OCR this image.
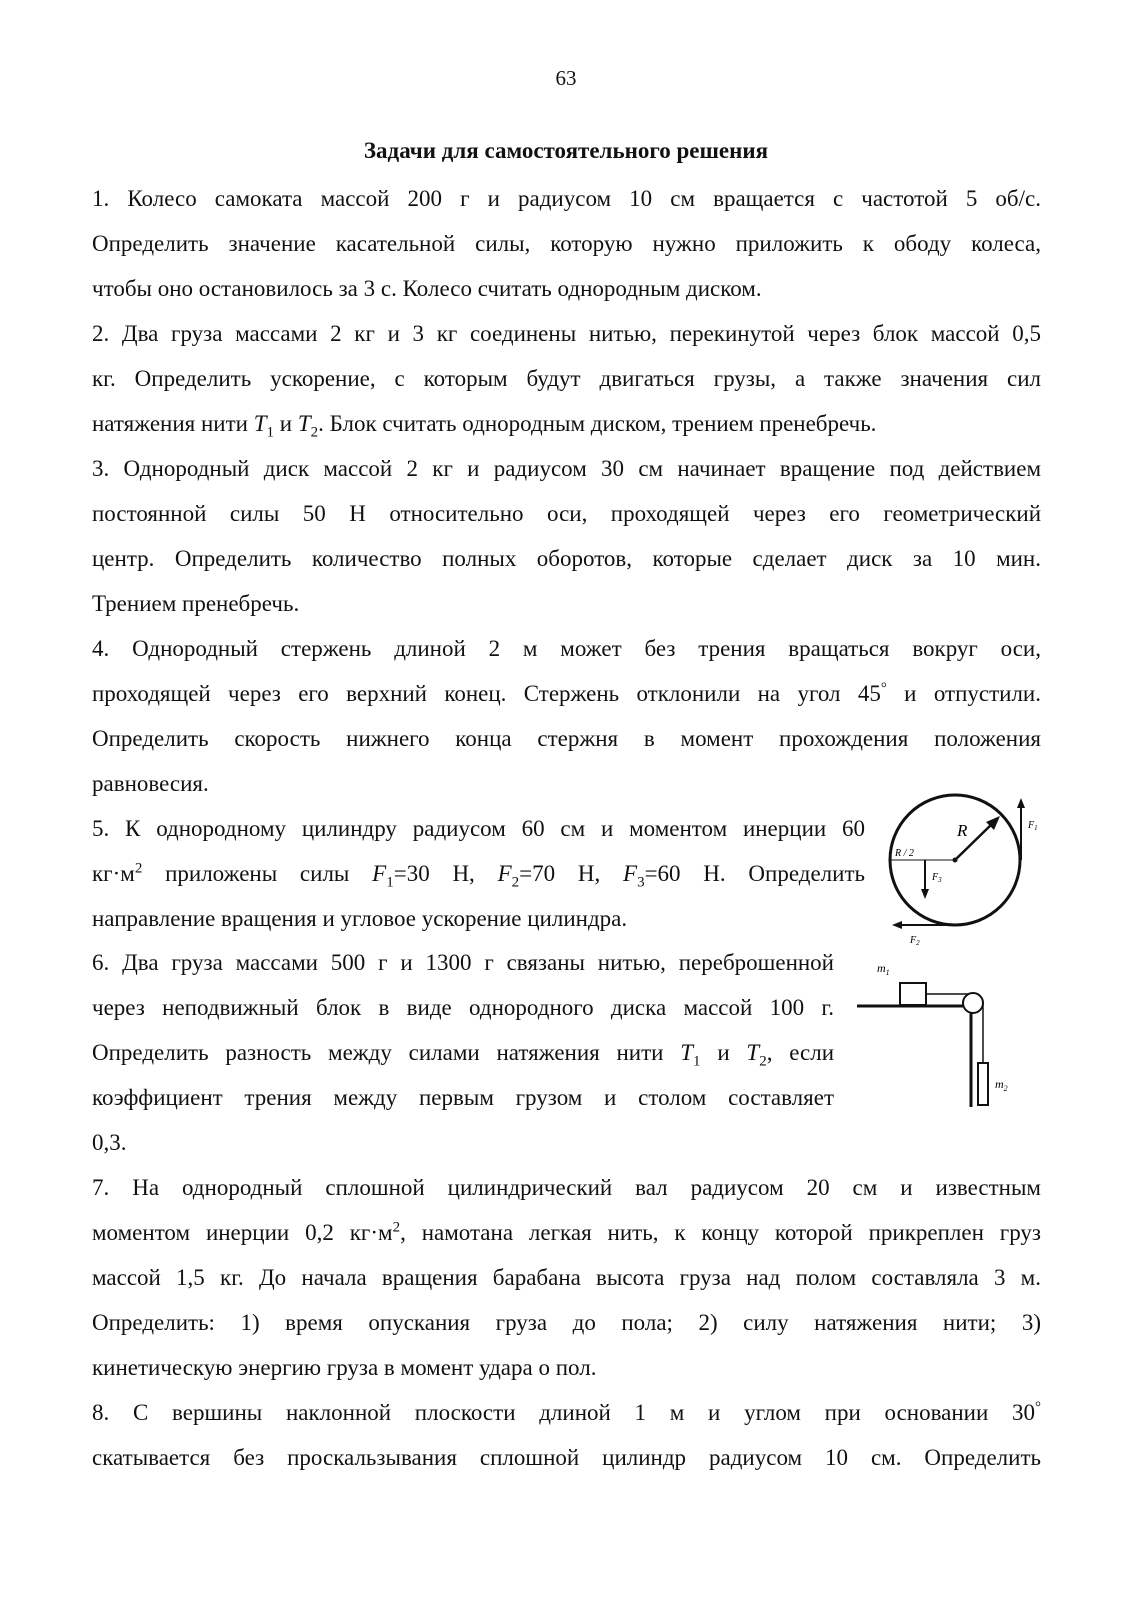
63
Задачи для самостоятельного решения
1. Колесо самоката массой 200 г и радиусом 10 см вращается с частотой 5 об/с.
Определить значение касательной силы, которую нужно приложить к ободу колеса,
чтобы оно остановилось за 3 с. Колесо считать однородным диском.
2. Два груза массами 2 кг и 3 кг соединены нитью, перекинутой через блок массой 0,5
кг. Определить ускорение, с которым будут двигаться грузы, а также значения сил
натяжения нити $T_1$ и $T_2$. Блок считать однородным диском, трением пренебречь.
3. Однородный диск массой 2 кг и радиусом 30 см начинает вращение под действием
постоянной силы 50 Н относительно оси, проходящей через его геометрический
центр. Определить количество полных оборотов, которые сделает диск за 10 мин.
Трением пренебречь.
4. Однородный стержень длиной 2 м может без трения вращаться вокруг оси,
проходящей через его верхний конец. Стержень отклонили на угол 45° и отпустили.
Определить скорость нижнего конца стержня в момент прохождения положения
равновесия.
5. К однородному цилиндру радиусом 60 см и моментом инерции 60
$кг\cdot м^2$ приложены силы $F_1=30$ Н, $F_2=70$ Н, $F_3=60$ Н. Определить
направление вращения и угловое ускорение цилиндра.
R
R / 2
$F_1$
$F_3$
$F_2$
6. Два груза массами 500 г и 1300 г связаны нитью, переброшенной
через неподвижный блок в виде однородного диска массой 100 г.
Определить разность между силами натяжения нити $T_1$ и $T_2$, если
коэффициент трения между первым грузом и столом составляет
0,3.
$m_1$
$m_2$
7. На однородный сплошной цилиндрический вал радиусом 20 см и известным
моментом инерции 0,2 $кг\cdot м^2$, намотана легкая нить, к концу которой прикреплен груз
массой 1,5 кг. До начала вращения барабана высота груза над полом составляла 3 м.
Определить: 1) время опускания груза до пола; 2) силу натяжения нити; 3)
кинетическую энергию груза в момент удара о пол.
8. С вершины наклонной плоскости длиной 1 м и углом при основании 30°
скатывается без проскальзывания сплошной цилиндр радиусом 10 см. Определить
